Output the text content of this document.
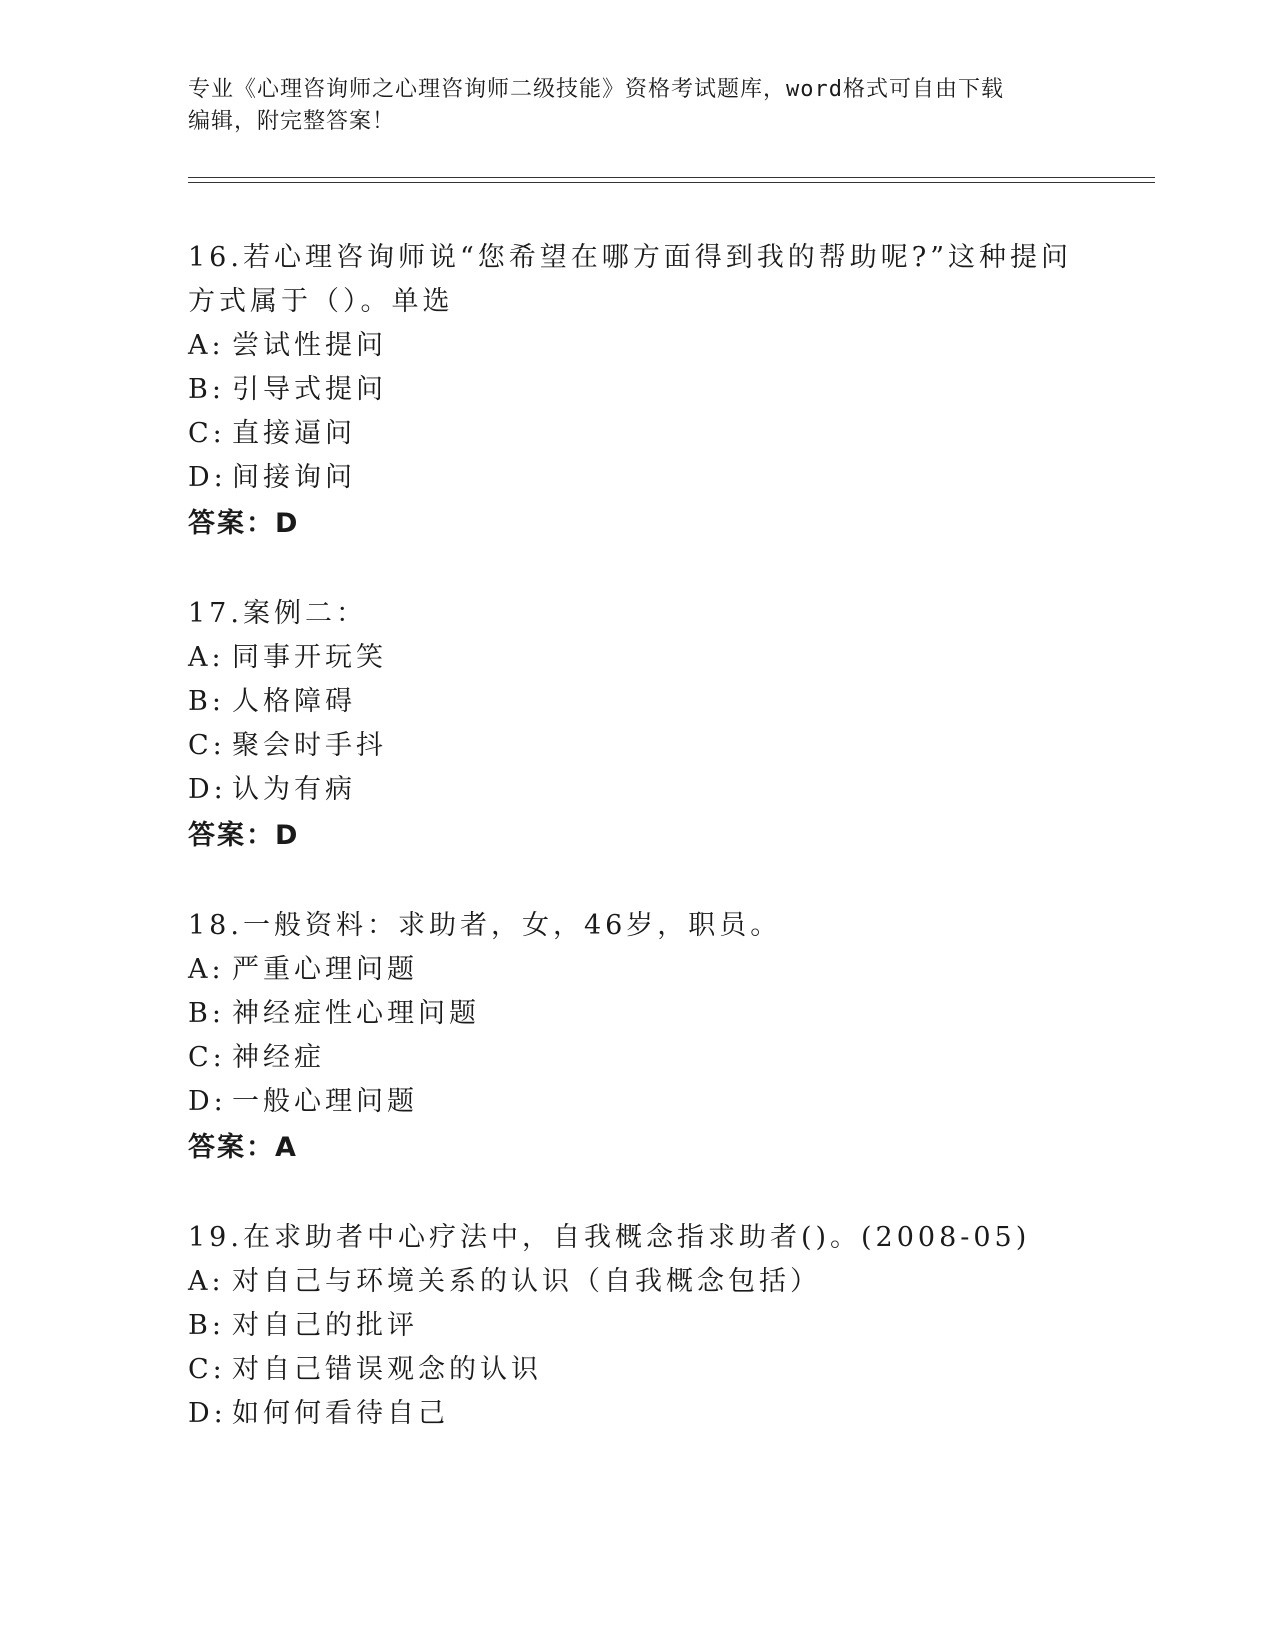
专业《心理咨询师之心理咨询师二级技能》资格考试题库，word格式可自由下载
编辑，附完整答案！
16.若心理咨询师说“您希望在哪方面得到我的帮助呢?”这种提问方式属于（）。单选
A: 尝试性提问
B: 引导式提问
C: 直接逼问
D: 间接询问
答案：D
17.案例二：
A: 同事开玩笑
B: 人格障碍
C: 聚会时手抖
D: 认为有病
答案：D
18.一般资料：求助者，女，46岁，职员。
A: 严重心理问题
B: 神经症性心理问题
C: 神经症
D: 一般心理问题
答案：A
19.在求助者中心疗法中，自我概念指求助者()。(2008-05)
A: 对自己与环境关系的认识（自我概念包括）
B: 对自己的批评
C: 对自己错误观念的认识
D: 如何何看待自己
